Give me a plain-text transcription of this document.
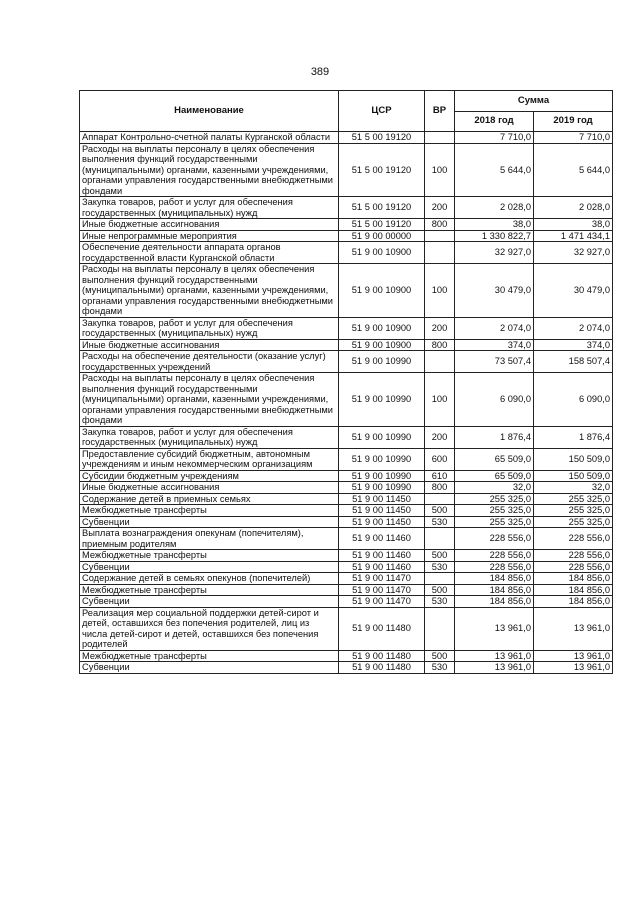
389
Наименование	ЦСР	ВР	Сумма	
			2018 год	2019 год
Аппарат Контрольно-счетной палаты Курганской области	51 5 00 19120		7 710,0	7 710,0
Расходы на выплаты персоналу в целях обеспечения выполнения функций государственными (муниципальными) органами, казенными учреждениями, органами управления государственными внебюджетными фондами	51 5 00 19120	100	5 644,0	5 644,0
Закупка товаров, работ и услуг для обеспечения государственных (муниципальных) нужд	51 5 00 19120	200	2 028,0	2 028,0
Иные бюджетные ассигнования	51 5 00 19120	800	38,0	38,0
Иные непрограммные мероприятия	51 9 00 00000		1 330 822,7	1 471 434,1
Обеспечение деятельности аппарата органов государственной власти Курганской области	51 9 00 10900		32 927,0	32 927,0
Расходы на выплаты персоналу в целях обеспечения выполнения функций государственными (муниципальными) органами, казенными учреждениями, органами управления государственными внебюджетными фондами	51 9 00 10900	100	30 479,0	30 479,0
Закупка товаров, работ и услуг для обеспечения государственных (муниципальных) нужд	51 9 00 10900	200	2 074,0	2 074,0
Иные бюджетные ассигнования	51 9 00 10900	800	374,0	374,0
Расходы на обеспечение деятельности (оказание услуг) государственных учреждений	51 9 00 10990		73 507,4	158 507,4
Расходы на выплаты персоналу в целях обеспечения выполнения функций государственными (муниципальными) органами, казенными учреждениями, органами управления государственными внебюджетными фондами	51 9 00 10990	100	6 090,0	6 090,0
Закупка товаров, работ и услуг для обеспечения государственных (муниципальных) нужд	51 9 00 10990	200	1 876,4	1 876,4
Предоставление субсидий бюджетным, автономным учреждениям и иным некоммерческим организациям	51 9 00 10990	600	65 509,0	150 509,0
Субсидии бюджетным учреждениям	51 9 00 10990	610	65 509,0	150 509,0
Иные бюджетные ассигнования	51 9 00 10990	800	32,0	32,0
Содержание детей в приемных семьях	51 9 00 11450		255 325,0	255 325,0
Межбюджетные трансферты	51 9 00 11450	500	255 325,0	255 325,0
Субвенции	51 9 00 11450	530	255 325,0	255 325,0
Выплата вознаграждения опекунам (попечителям), приемным родителям	51 9 00 11460		228 556,0	228 556,0
Межбюджетные трансферты	51 9 00 11460	500	228 556,0	228 556,0
Субвенции	51 9 00 11460	530	228 556,0	228 556,0
Содержание детей в семьях опекунов (попечителей)	51 9 00 11470		184 856,0	184 856,0
Межбюджетные трансферты	51 9 00 11470	500	184 856,0	184 856,0
Субвенции	51 9 00 11470	530	184 856,0	184 856,0
Реализация мер социальной поддержки детей-сирот и детей, оставшихся без попечения родителей, лиц из числа детей-сирот и детей, оставшихся без попечения родителей	51 9 00 11480		13 961,0	13 961,0
Межбюджетные трансферты	51 9 00 11480	500	13 961,0	13 961,0
Субвенции	51 9 00 11480	530	13 961,0	13 961,0
